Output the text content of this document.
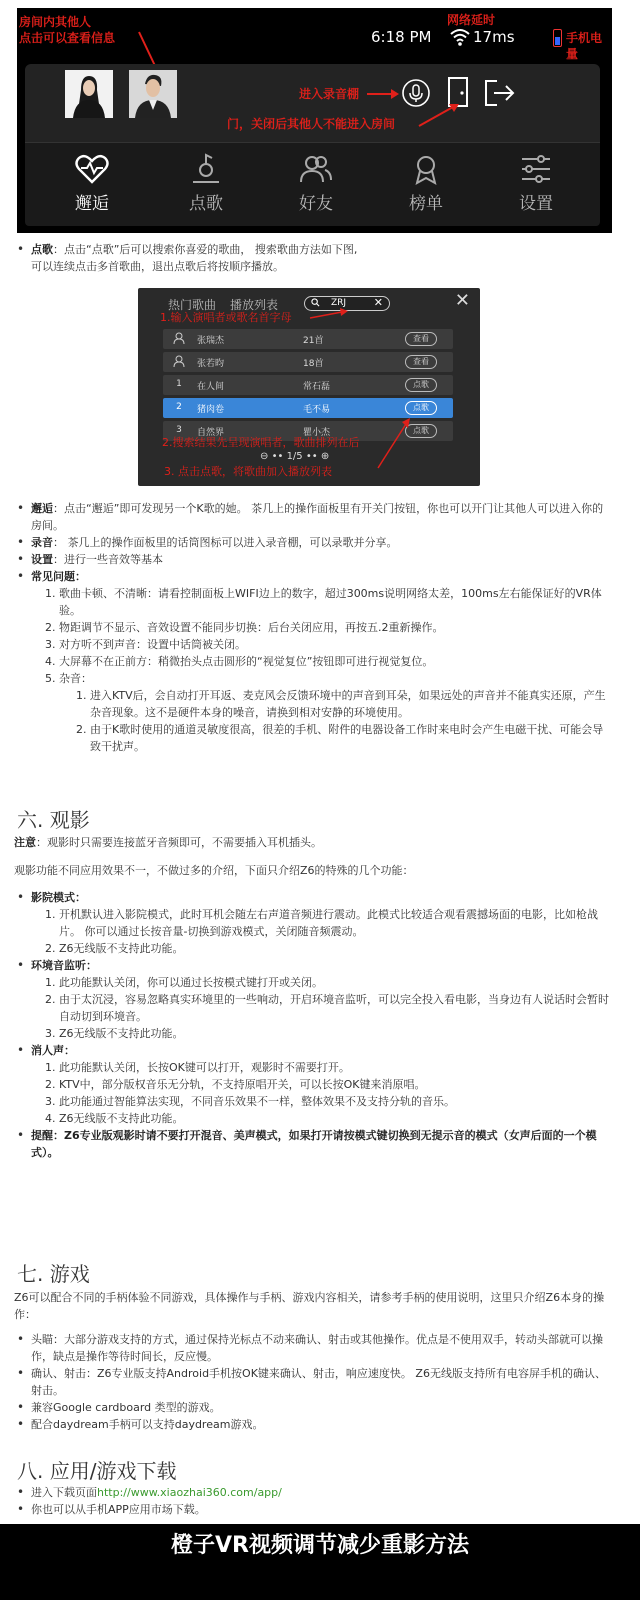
房间内其他人
点击可以查看信息
网络延时
6:18 PM	17ms	手机电量
进入录音棚
门，关闭后其他人不能进入房间
邂逅	点歌	好友	榜单	设置
• 点歌：点击“点歌”后可以搜索你喜爱的歌曲， 搜索歌曲方法如下图,
可以连续点击多首歌曲，退出点歌后将按顺序播放。
热门歌曲 播放列表	ZRJ	✕	✕
1.输入演唱者或歌名首字母
张瑞杰	21首	查看
张若昀	18首	查看
1	在人间	常石磊	点歌
2	猪肉卷	毛不易	点歌
3	自然界	瞿小杰	点歌
2.搜索结果先呈现演唱者，歌曲排列在后
⊖ •• 1/5 •• ⊕
3. 点击点歌，将歌曲加入播放列表
• 邂逅：点击“邂逅”即可发现另一个K歌的她。 茶几上的操作面板里有开关门按钮，你也可以开门让其他人可以进入你的房间。
• 录音： 茶几上的操作面板里的话筒图标可以进入录音棚，可以录歌并分享。
• 设置：进行一些音效等基本
• 常见问题：
1. 歌曲卡顿、不清晰：请看控制面板上WIFI边上的数字，超过300ms说明网络太差，100ms左右能保证好的VR体验。
2. 物距调节不显示、音效设置不能同步切换：后台关闭应用，再按五.2重新操作。
3. 对方听不到声音：设置中话筒被关闭。
4. 大屏幕不在正前方：稍微抬头点击圆形的“视觉复位”按钮即可进行视觉复位。
5. 杂音：
1. 进入KTV后，会自动打开耳返、麦克风会反馈环境中的声音到耳朵，如果远处的声音并不能真实还原，产生杂音现象。这不是硬件本身的噪音，请换到相对安静的环境使用。
2. 由于K歌时使用的通道灵敏度很高，很差的手机、附件的电器设备工作时来电时会产生电磁干扰、可能会导致干扰声。
六. 观影
注意：观影时只需要连接蓝牙音频即可，不需要插入耳机插头。
观影功能不同应用效果不一，不做过多的介绍，下面只介绍Z6的特殊的几个功能：
• 影院模式：
1. 开机默认进入影院模式，此时耳机会随左右声道音频进行震动。此模式比较适合观看震撼场面的电影，比如枪战片。 你可以通过长按音量-切换到游戏模式，关闭随音频震动。
2. Z6无线版不支持此功能。
• 环境音监听：
1. 此功能默认关闭，你可以通过长按模式键打开或关闭。
2. 由于太沉浸，容易忽略真实环境里的一些响动，开启环境音监听，可以完全投入看电影，当身边有人说话时会暂时自动切到环境音。
3. Z6无线版不支持此功能。
• 消人声：
1. 此功能默认关闭，长按OK键可以打开，观影时不需要打开。
2. KTV中，部分版权音乐无分轨，不支持原唱开关，可以长按OK键来消原唱。
3. 此功能通过智能算法实现，不同音乐效果不一样，整体效果不及支持分轨的音乐。
4. Z6无线版不支持此功能。
• 提醒：Z6专业版观影时请不要打开混音、美声模式，如果打开请按模式键切换到无提示音的模式（女声后面的一个模式）。
七. 游戏
Z6可以配合不同的手柄体验不同游戏，具体操作与手柄、游戏内容相关，请参考手柄的使用说明，这里只介绍Z6本身的操作：
• 头瞄：大部分游戏支持的方式，通过保持光标点不动来确认、射击或其他操作。优点是不使用双手，转动头部就可以操作，缺点是操作等待时间长，反应慢。
• 确认、射击：Z6专业版支持Android手机按OK键来确认、射击，响应速度快。 Z6无线版支持所有电容屏手机的确认、射击。
• 兼容Google cardboard 类型的游戏。
• 配合daydream手柄可以支持daydream游戏。
八. 应用/游戏下载
• 进入下载页面http://www.xiaozhai360.com/app/
• 你也可以从手机APP应用市场下载。
橙子VR视频调节减少重影方法
